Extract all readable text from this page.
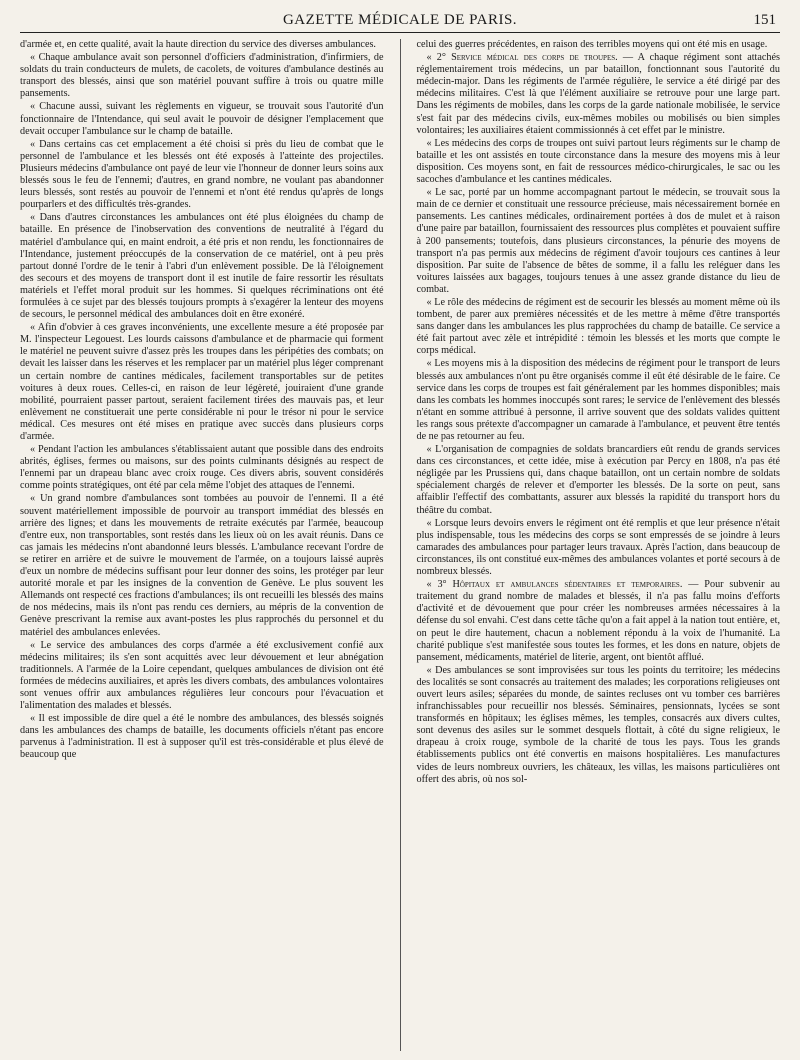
GAZETTE MÉDICALE DE PARIS.	151

d'armée et, en cette qualité, avait la haute direction du service des diverses ambulances.

« Chaque ambulance avait son personnel d'officiers d'administration, d'infirmiers, de soldats du train conducteurs de mulets, de cacolets, de voitures d'ambulance destinés au transport des blessés, ainsi que son matériel pouvant suffire à trois ou quatre mille pansements.

« Chacune aussi, suivant les règlements en vigueur, se trouvait sous l'autorité d'un fonctionnaire de l'Intendance, qui seul avait le pouvoir de désigner l'emplacement que devait occuper l'ambulance sur le champ de bataille.

« Dans certains cas cet emplacement a été choisi si près du lieu de combat que le personnel de l'ambulance et les blessés ont été exposés à l'atteinte des projectiles. Plusieurs médecins d'ambulance ont payé de leur vie l'honneur de donner leurs soins aux blessés sous le feu de l'ennemi; d'autres, en grand nombre, ne voulant pas abandonner leurs blessés, sont restés au pouvoir de l'ennemi et n'ont été rendus qu'après de longs pourparlers et des difficultés très-grandes.

« Dans d'autres circonstances les ambulances ont été plus éloignées du champ de bataille. En présence de l'inobservation des conventions de neutralité à l'égard du matériel d'ambulance qui, en maint endroit, a été pris et non rendu, les fonctionnaires de l'Intendance, justement préoccupés de la conservation de ce matériel, ont à peu près partout donné l'ordre de le tenir à l'abri d'un enlèvement possible. De là l'éloignement des secours et des moyens de transport dont il est inutile de faire ressortir les résultats matériels et l'effet moral produit sur les hommes. Si quelques récriminations ont été formulées à ce sujet par des blessés toujours prompts à s'exagérer la lenteur des moyens de secours, le personnel médical des ambulances doit en être exonéré.

« Afin d'obvier à ces graves inconvénients, une excellente mesure a été proposée par M. l'inspecteur Legouest. Les lourds caissons d'ambulance et de pharmacie qui forment le matériel ne peuvent suivre d'assez près les troupes dans les péripéties des combats; on devait les laisser dans les réserves et les remplacer par un matériel plus léger comprenant un certain nombre de cantines médicales, facilement transportables sur de petites voitures à deux roues. Celles-ci, en raison de leur légèreté, jouiraient d'une grande mobilité, pourraient passer partout, seraient facilement tirées des mauvais pas, et leur enlèvement ne constituerait une perte considérable ni pour le trésor ni pour le service médical. Ces mesures ont été mises en pratique avec succès dans plusieurs corps d'armée.

« Pendant l'action les ambulances s'établissaient autant que possible dans des endroits abrités, églises, fermes ou maisons, sur des points culminants désignés au respect de l'ennemi par un drapeau blanc avec croix rouge. Ces divers abris, souvent considérés comme points stratégiques, ont été par cela même l'objet des attaques de l'ennemi.

« Un grand nombre d'ambulances sont tombées au pouvoir de l'ennemi. Il a été souvent matériellement impossible de pourvoir au transport immédiat des blessés en arrière des lignes; et dans les mouvements de retraite exécutés par l'armée, beaucoup d'entre eux, non transportables, sont restés dans les lieux où on les avait réunis. Dans ce cas jamais les médecins n'ont abandonné leurs blessés. L'ambulance recevant l'ordre de se retirer en arrière et de suivre le mouvement de l'armée, on a toujours laissé auprès d'eux un nombre de médecins suffisant pour leur donner des soins, les protéger par leur autorité morale et par les insignes de la convention de Genève. Le plus souvent les Allemands ont respecté ces fractions d'ambulances; ils ont recueilli les blessés des mains de nos médecins, mais ils n'ont pas rendu ces derniers, au mépris de la convention de Genève prescrivant la remise aux avant-postes les plus rapprochés du personnel et du matériel des ambulances enlevées.

« Le service des ambulances des corps d'armée a été exclusivement confié aux médecins militaires; ils s'en sont acquittés avec leur dévouement et leur abnégation traditionnels. A l'armée de la Loire cependant, quelques ambulances de division ont été formées de médecins auxiliaires, et après les divers combats, des ambulances volontaires sont venues offrir aux ambulances régulières leur concours pour l'évacuation et l'alimentation des malades et blessés.

« Il est impossible de dire quel a été le nombre des ambulances, des blessés soignés dans les ambulances des champs de bataille, les documents officiels n'étant pas encore parvenus à l'administration. Il est à supposer qu'il est très-considérable et plus élevé de beaucoup que

celui des guerres précédentes, en raison des terribles moyens qui ont été mis en usage.

« 2° Service médical des corps de troupes. — A chaque régiment sont attachés réglementairement trois médecins, un par bataillon, fonctionnant sous l'autorité du médecin-major. Dans les régiments de l'armée régulière, le service a été dirigé par des médecins militaires. C'est là que l'élément auxiliaire se retrouve pour une large part. Dans les régiments de mobiles, dans les corps de la garde nationale mobilisée, le service s'est fait par des médecins civils, eux-mêmes mobiles ou mobilisés ou bien simples volontaires; les auxiliaires étaient commissionnés à cet effet par le ministre.

« Les médecins des corps de troupes ont suivi partout leurs régiments sur le champ de bataille et les ont assistés en toute circonstance dans la mesure des moyens mis à leur disposition. Ces moyens sont, en fait de ressources médico-chirurgicales, le sac ou les sacoches d'ambulance et les cantines médicales.

« Le sac, porté par un homme accompagnant partout le médecin, se trouvait sous la main de ce dernier et constituait une ressource précieuse, mais nécessairement bornée en pansements. Les cantines médicales, ordinairement portées à dos de mulet et à raison d'une paire par bataillon, fournissaient des ressources plus complètes et pouvaient suffire à 200 pansements; toutefois, dans plusieurs circonstances, la pénurie des moyens de transport n'a pas permis aux médecins de régiment d'avoir toujours ces cantines à leur disposition. Par suite de l'absence de bêtes de somme, il a fallu les reléguer dans les voitures laissées aux bagages, toujours tenues à une assez grande distance du lieu de combat.

« Le rôle des médecins de régiment est de secourir les blessés au moment même où ils tombent, de parer aux premières nécessités et de les mettre à même d'être transportés sans danger dans les ambulances les plus rapprochées du champ de bataille. Ce service a été fait partout avec zèle et intrépidité : témoin les blessés et les morts que compte le corps médical.

« Les moyens mis à la disposition des médecins de régiment pour le transport de leurs blessés aux ambulances n'ont pu être organisés comme il eût été désirable de le faire. Ce service dans les corps de troupes est fait généralement par les hommes disponibles; mais dans les combats les hommes inoccupés sont rares; le service de l'enlèvement des blessés n'étant en somme attribué à personne, il arrive souvent que des soldats valides quittent les rangs sous prétexte d'accompagner un camarade à l'ambulance, et peuvent être tentés de ne pas retourner au feu.

« L'organisation de compagnies de soldats brancardiers eût rendu de grands services dans ces circonstances, et cette idée, mise à exécution par Percy en 1808, n'a pas été négligée par les Prussiens qui, dans chaque bataillon, ont un certain nombre de soldats spécialement chargés de relever et d'emporter les blessés. De la sorte on peut, sans affaiblir l'effectif des combattants, assurer aux blessés la rapidité du transport hors du théâtre du combat.

« Lorsque leurs devoirs envers le régiment ont été remplis et que leur présence n'était plus indispensable, tous les médecins des corps se sont empressés de se joindre à leurs camarades des ambulances pour partager leurs travaux. Après l'action, dans beaucoup de circonstances, ils ont constitué eux-mêmes des ambulances volantes et porté secours à de nombreux blessés.

« 3° Hôpitaux et ambulances sédentaires et temporaires. — Pour subvenir au traitement du grand nombre de malades et blessés, il n'a pas fallu moins d'efforts d'activité et de dévouement que pour créer les nombreuses armées nécessaires à la défense du sol envahi. C'est dans cette tâche qu'on a fait appel à la nation tout entière, et, on peut le dire hautement, chacun a noblement répondu à la voix de l'humanité. La charité publique s'est manifestée sous toutes les formes, et les dons en nature, objets de pansement, médicaments, matériel de literie, argent, ont bientôt afflué.

« Des ambulances se sont improvisées sur tous les points du territoire; les médecins des localités se sont consacrés au traitement des malades; les corporations religieuses ont ouvert leurs asiles; séparées du monde, de saintes recluses ont vu tomber ces barrières infranchissables pour recueillir nos blessés. Séminaires, pensionnats, lycées se sont transformés en hôpitaux; les églises mêmes, les temples, consacrés aux divers cultes, sont devenus des asiles sur le sommet desquels flottait, à côté du signe religieux, le drapeau à croix rouge, symbole de la charité de tous les pays. Tous les grands établissements publics ont été convertis en maisons hospitalières. Les manufactures vides de leurs nombreux ouvriers, les châteaux, les villas, les maisons particulières ont offert des abris, où nos sol-
